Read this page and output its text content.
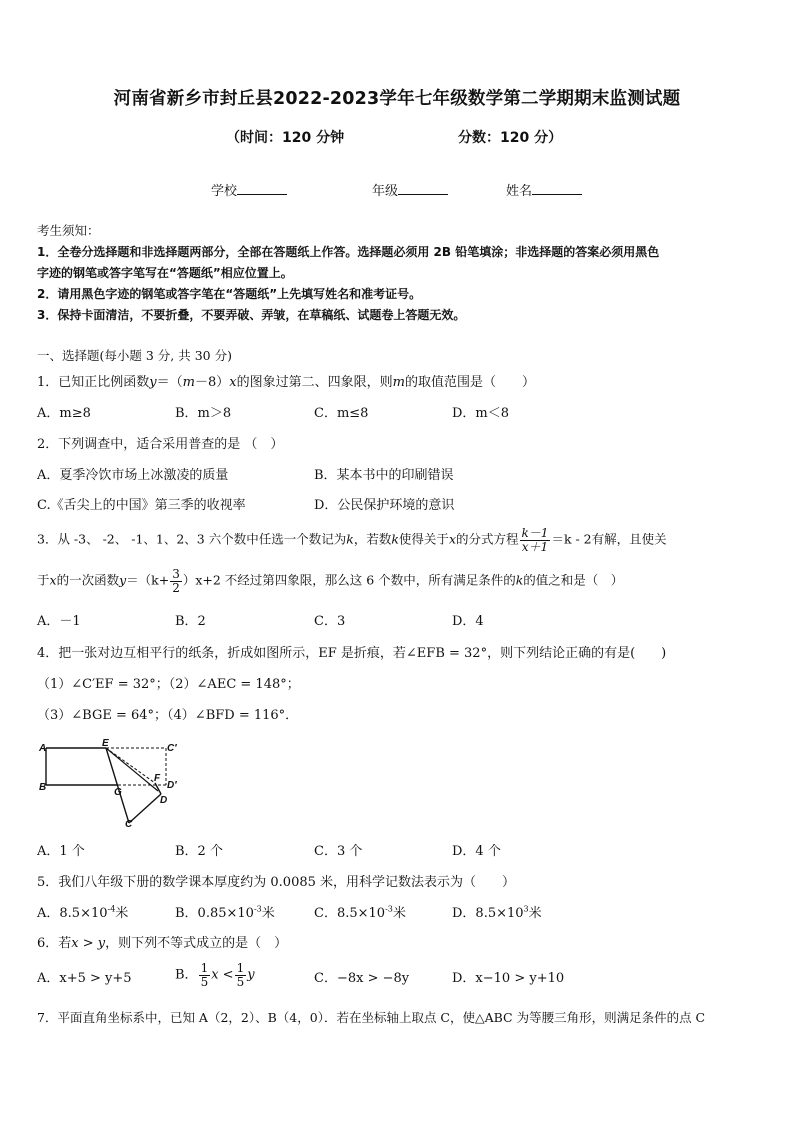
河南省新乡市封丘县2022-2023学年七年级数学第二学期期末监测试题
（时间：120 分钟	分数：120 分）
学校	年级	姓名
考生须知：
1．全卷分选择题和非选择题两部分，全部在答题纸上作答。选择题必须用 2B 铅笔填涂；非选择题的答案必须用黑色
字迹的钢笔或答字笔写在“答题纸”相应位置上。
2．请用黑色字迹的钢笔或答字笔在“答题纸”上先填写姓名和准考证号。
3．保持卡面清洁，不要折叠，不要弄破、弄皱，在草稿纸、试题卷上答题无效。
一、选择题(每小题 3 分, 共 30 分)
1．已知正比例函数y＝（m－8）x的图象过第二、四象限，则m的取值范围是（　　）
A．m≥8	B．m＞8	C．m≤8	D．m＜8
2．下列调查中，适合采用普查的是 （　）
A．夏季冷饮市场上冰激凌的质量	B．某本书中的印刷错误
C.《舌尖上的中国》第三季的收视率	D．公民保护环境的意识
3．从 -3、 -2、 -1、1、2、3 六个数中任选一个数记为k，若数k使得关于x的分式方程 $\frac{k-1}{x+1} =k - 2$有解，且使关
于x的一次函数$y=(k+ \frac{3}{2} )x+2$ 不经过第四象限，那么这 6 个数中，所有满足条件的k的值之和是（　）
A．－1	B．2	C．3	D．4
4．把一张对边互相平行的纸条，折成如图所示，EF 是折痕，若∠EFB = 32°，则下列结论正确的有是(　　)
（1）∠C′EF = 32°；（2）∠AEC = 148°；
（3）∠BGE = 64°；（4）∠BFD = 116°．
A
B
E	C′
F
D′
G
D
C
A．1 个	B．2 个	C．3 个	D．4 个
5．我们八年级下册的数学课本厚度约为 0.0085 米，用科学记数法表示为（　　）
A．$8.5\times 10^{-4}$米	B．$0.85\times 10^{-3}$米	C．$8.5\times 10^{-3}$米	D．$8.5\times 10^3$米
6．若x > y，则下列不等式成立的是（　）
A．x+5 > y+5	B． $\frac{1}{5}$ $x < \frac{1}{5}$ y	C．−8x > −8y	D．x−10 > y+10
7．平面直角坐标系中，已知 A（2，2）、B（4，0）．若在坐标轴上取点 C，使△ABC 为等腰三角形，则满足条件的点 C
